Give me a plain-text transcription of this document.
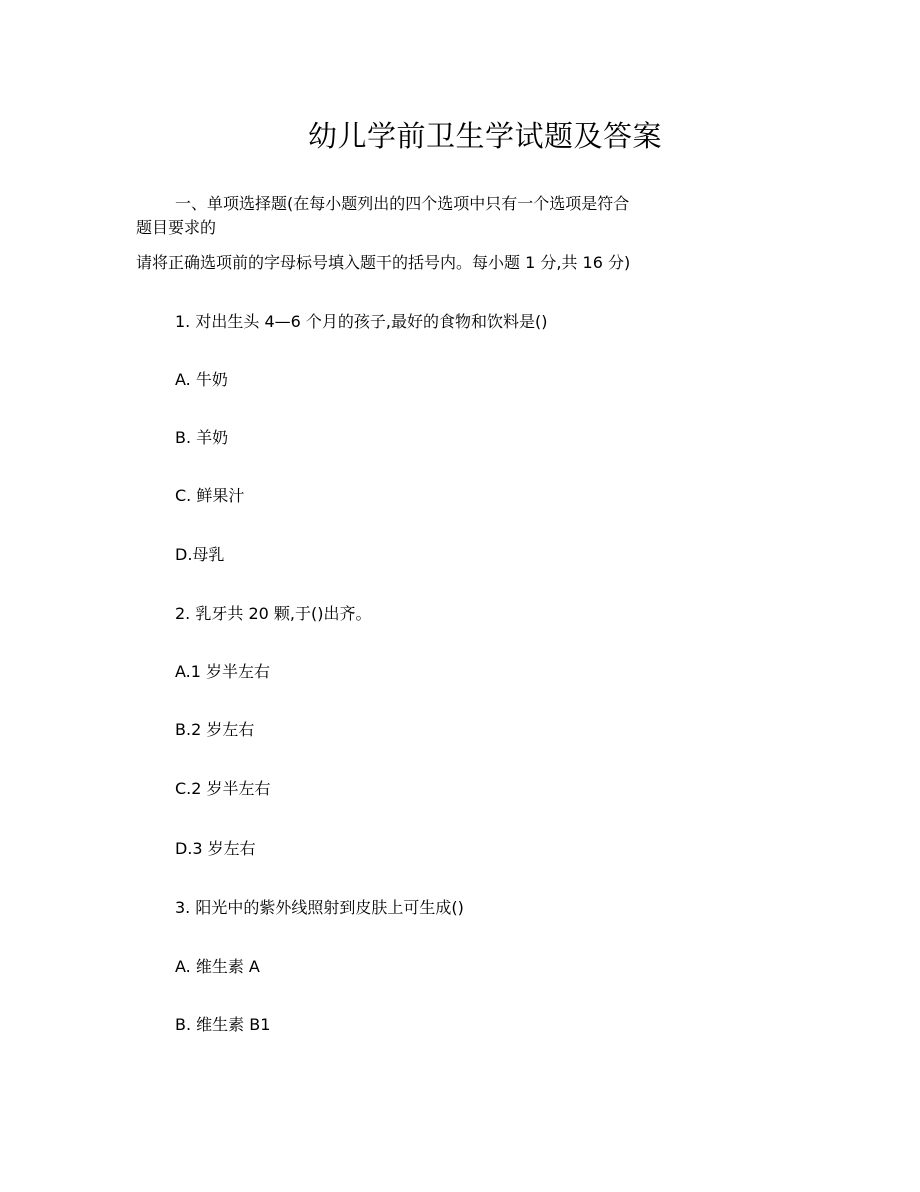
幼儿学前卫生学试题及答案
一、单项选择题(在每小题列出的四个选项中只有一个选项是符合
题目要求的
请将正确选项前的字母标号填入题干的括号内。每小题 1 分,共 16 分)
1. 对出生头 4—6 个月的孩子,最好的食物和饮料是()
A. 牛奶
B. 羊奶
C. 鲜果汁
D.母乳
2. 乳牙共 20 颗,于()出齐。
A.1 岁半左右
B.2 岁左右
C.2 岁半左右
D.3 岁左右
3. 阳光中的紫外线照射到皮肤上可生成()
A. 维生素 A
B. 维生素 B1
